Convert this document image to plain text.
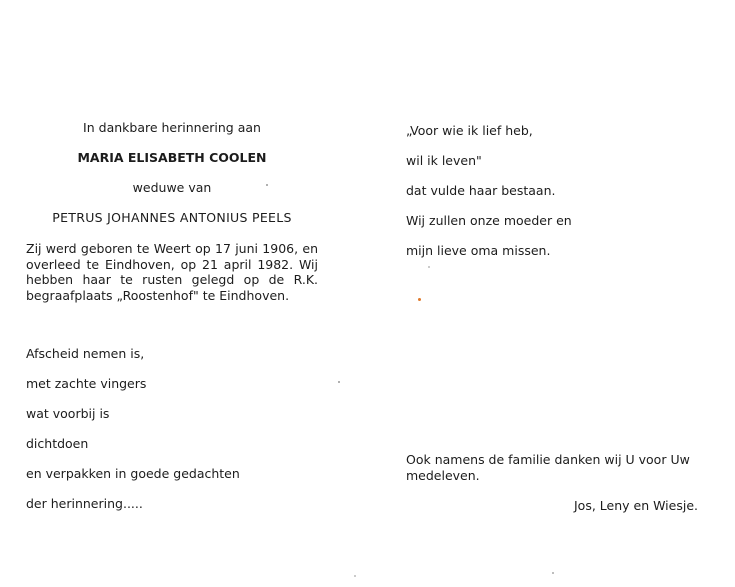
In dankbare herinnering aan
MARIA ELISABETH COOLEN
weduwe van
PETRUS JOHANNES ANTONIUS PEELS
Zij werd geboren te Weert op 17 juni 1906, en overleed te Eindhoven, op 21 april 1982. Wij hebben haar te rusten gelegd op de R.K. begraafplaats „Roostenhof" te Eindhoven.
Afscheid nemen is,
met zachte vingers
wat voorbij is
dichtdoen
en verpakken in goede gedachten
der herinnering.....
„Voor wie ik lief heb,
wil ik leven"
dat vulde haar bestaan.
Wij zullen onze moeder en
mijn lieve oma missen.
Ook namens de familie danken wij U voor Uw medeleven.
Jos, Leny en Wiesje.
